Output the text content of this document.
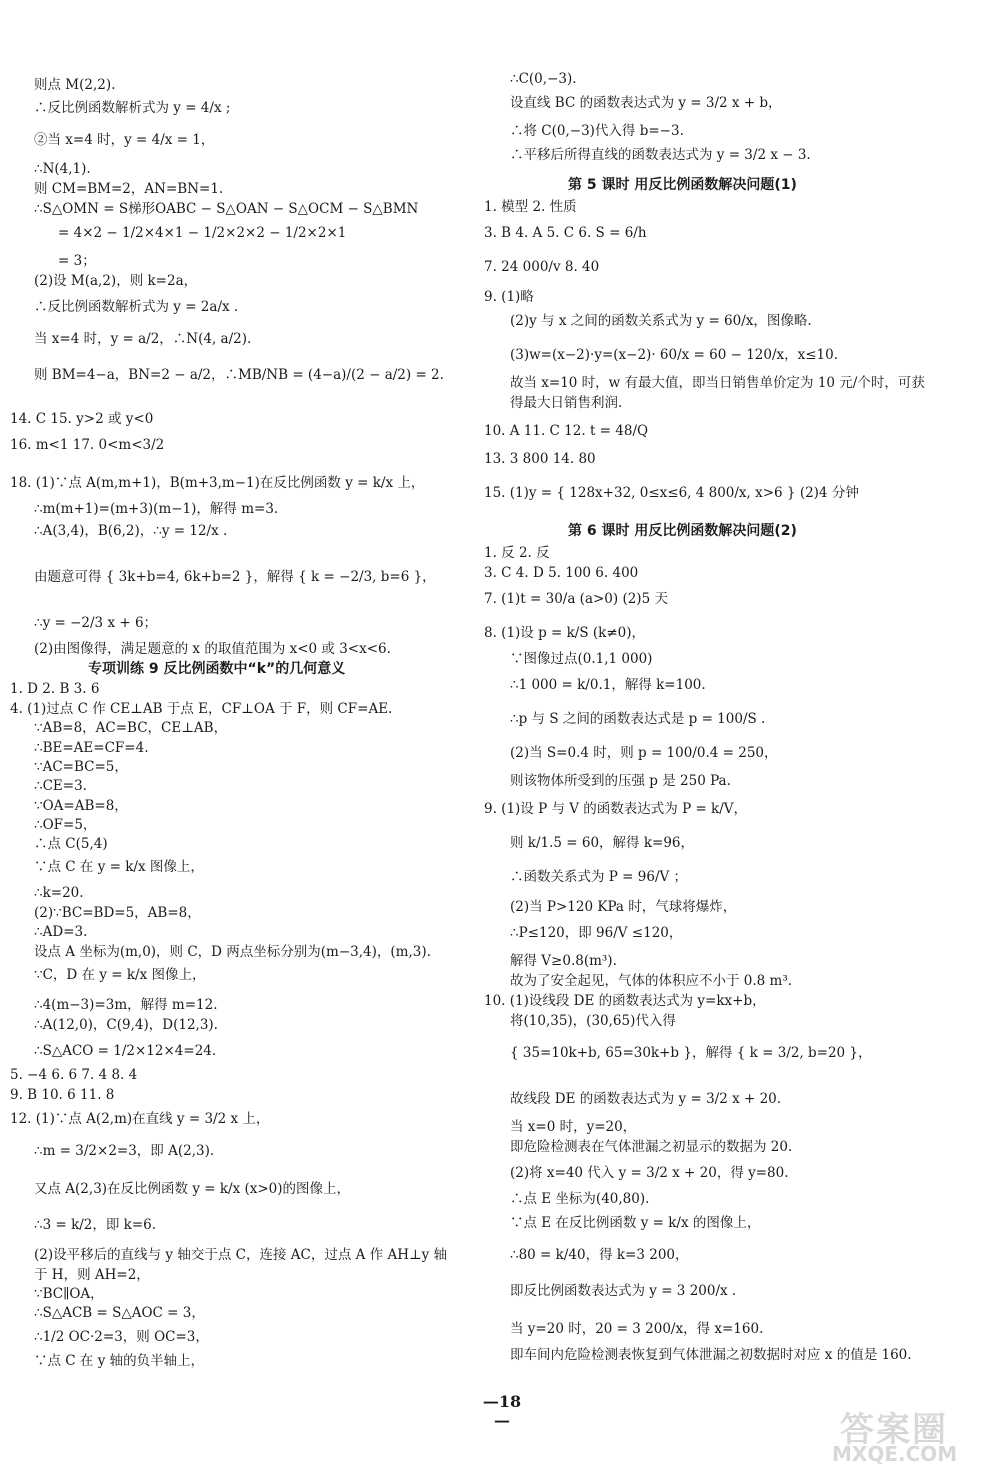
则点 M(2,2).
∴反比例函数解析式为 y = 4/x ;
②当 x=4 时，y = 4/x = 1，
∴N(4,1).
则 CM=BM=2，AN=BN=1.
∴S△OMN = S梯形OABC − S△OAN − S△OCM − S△BMN
= 4×2 − 1/2×4×1 − 1/2×2×2 − 1/2×2×1
= 3；
(2)设 M(a,2)，则 k=2a，
∴反比例函数解析式为 y = 2a/x .
当 x=4 时，y = a/2，∴N(4, a/2).
则 BM=4−a，BN=2 − a/2，∴MB/NB = (4−a)/(2 − a/2) = 2.
14. C 15. y>2 或 y<0
16. m<1 17. 0<m<3/2
18. (1)∵点 A(m,m+1)，B(m+3,m−1)在反比例函数 y = k/x 上，
∴m(m+1)=(m+3)(m−1)，解得 m=3.
∴A(3,4)，B(6,2)，∴y = 12/x .
由题意可得 { 3k+b=4, 6k+b=2 }，解得 { k = −2/3, b=6 }，
∴y = −2/3 x + 6；
(2)由图像得，满足题意的 x 的取值范围为 x<0 或 3<x<6.
专项训练 9 反比例函数中“k”的几何意义
1. D 2. B 3. 6
4. (1)过点 C 作 CE⊥AB 于点 E，CF⊥OA 于 F，则 CF=AE.
∵AB=8，AC=BC，CE⊥AB，
∴BE=AE=CF=4.
∵AC=BC=5，
∴CE=3.
∵OA=AB=8，
∴OF=5，
∴点 C(5,4)
∵点 C 在 y = k/x 图像上，
∴k=20.
(2)∵BC=BD=5，AB=8，
∴AD=3.
设点 A 坐标为(m,0)，则 C，D 两点坐标分别为(m−3,4)，(m,3).
∵C，D 在 y = k/x 图像上，
∴4(m−3)=3m，解得 m=12.
∴A(12,0)，C(9,4)，D(12,3).
∴S△ACO = 1/2×12×4=24.
5. −4 6. 6 7. 4 8. 4
9. B 10. 6 11. 8
12. (1)∵点 A(2,m)在直线 y = 3/2 x 上，
∴m = 3/2×2=3，即 A(2,3).
又点 A(2,3)在反比例函数 y = k/x (x>0)的图像上，
∴3 = k/2，即 k=6.
(2)设平移后的直线与 y 轴交于点 C，连接 AC，过点 A 作 AH⊥y 轴
于 H，则 AH=2，
∵BC∥OA，
∴S△ACB = S△AOC = 3，
∴1/2 OC·2=3，则 OC=3，
∵点 C 在 y 轴的负半轴上，
∴C(0,−3).
设直线 BC 的函数表达式为 y = 3/2 x + b，
∴将 C(0,−3)代入得 b=−3.
∴平移后所得直线的函数表达式为 y = 3/2 x − 3.
第 5 课时 用反比例函数解决问题(1)
1. 模型 2. 性质
3. B 4. A 5. C 6. S = 6/h
7. 24 000/v 8. 40
9. (1)略
(2)y 与 x 之间的函数关系式为 y = 60/x，图像略.
(3)w=(x−2)·y=(x−2)· 60/x = 60 − 120/x，x≤10.
故当 x=10 时，w 有最大值，即当日销售单价定为 10 元/个时，可获
得最大日销售利润.
10. A 11. C 12. t = 48/Q
13. 3 800 14. 80
15. (1)y = { 128x+32, 0≤x≤6, 4 800/x, x>6 } (2)4 分钟
第 6 课时 用反比例函数解决问题(2)
1. 反 2. 反
3. C 4. D 5. 100 6. 400
7. (1)t = 30/a (a>0) (2)5 天
8. (1)设 p = k/S (k≠0)，
∵图像过点(0.1,1 000)
∴1 000 = k/0.1，解得 k=100.
∴p 与 S 之间的函数表达式是 p = 100/S .
(2)当 S=0.4 时，则 p = 100/0.4 = 250，
则该物体所受到的压强 p 是 250 Pa.
9. (1)设 P 与 V 的函数表达式为 P = k/V，
则 k/1.5 = 60，解得 k=96，
∴函数关系式为 P = 96/V ；
(2)当 P>120 KPa 时，气球将爆炸，
∴P≤120，即 96/V ≤120，
解得 V≥0.8(m³).
故为了安全起见，气体的体积应不小于 0.8 m³.
10. (1)设线段 DE 的函数表达式为 y=kx+b，
将(10,35)，(30,65)代入得
{ 35=10k+b, 65=30k+b }，解得 { k = 3/2, b=20 }，
故线段 DE 的函数表达式为 y = 3/2 x + 20.
当 x=0 时，y=20，
即危险检测表在气体泄漏之初显示的数据为 20.
(2)将 x=40 代入 y = 3/2 x + 20，得 y=80.
∴点 E 坐标为(40,80).
∵点 E 在反比例函数 y = k/x 的图像上，
∴80 = k/40，得 k=3 200，
即反比例函数表达式为 y = 3 200/x .
当 y=20 时，20 = 3 200/x，得 x=160.
即车间内危险检测表恢复到气体泄漏之初数据时对应 x 的值是 160.
—18—	答案圈
MXQE.COM
